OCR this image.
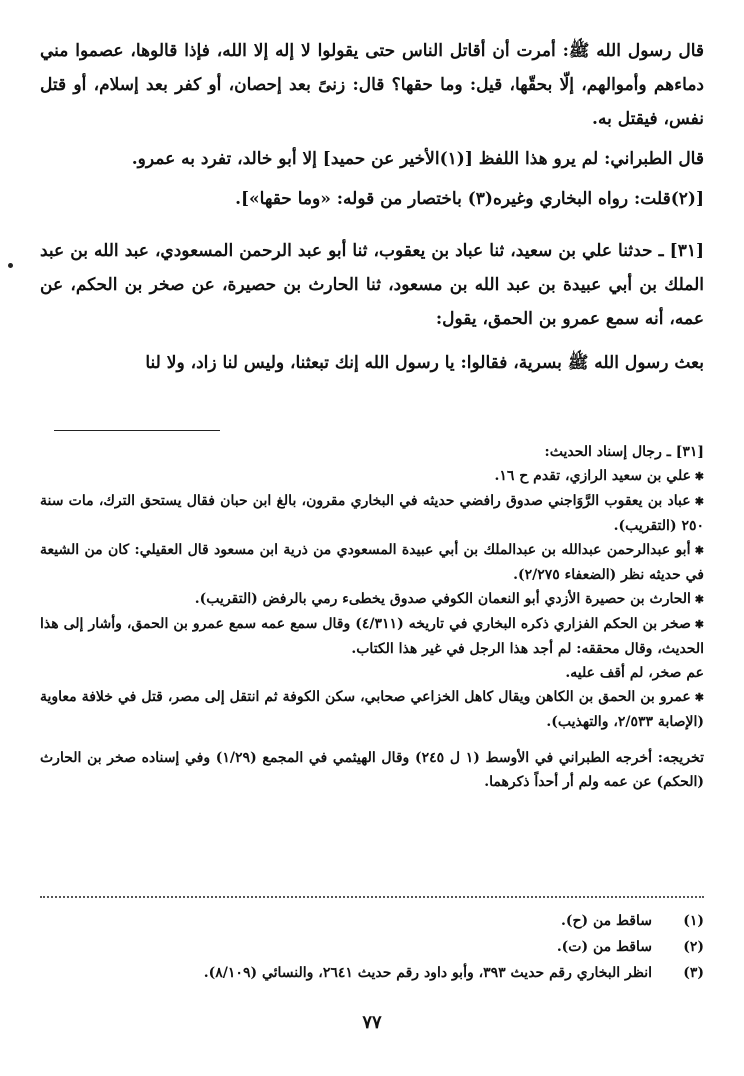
قال رسول الله ﷺ: أمرت أن أقاتل الناس حتى يقولوا لا إله إلا الله، فإذا قالوها، عصموا مني دماءهم وأموالهم، إلّا بحقّها، قيل: وما حقها؟ قال: زنىً بعد إحصان، أو كفر بعد إسلام، أو قتل نفس، فيقتل به.

قال الطبراني: لم يرو هذا اللفظ [(١)الأخير عن حميد] إلا أبو خالد، تفرد به عمرو.

[(٢)قلت: رواه البخاري وغيره(٣) باختصار من قوله: «وما حقها»].

[٣١] ـ حدثنا علي بن سعيد، ثنا عباد بن يعقوب، ثنا أبو عبد الرحمن المسعودي، عبد الله بن عبد الملك بن أبي عبيدة بن عبد الله بن مسعود، ثنا الحارث بن حصيرة، عن صخر بن الحكم، عن عمه، أنه سمع عمرو بن الحمق، يقول:

بعث رسول الله ﷺ بسرية، فقالوا: يا رسول الله إنك تبعثنا، وليس لنا زاد، ولا لنا

[٣١] ـ رجال إسناد الحديث:

✱ علي بن سعيد الرازي، تقدم ح ١٦.

✱ عباد بن يعقوب الرَّوَاجني صدوق رافضي حديثه في البخاري مقرون، بالغ ابن حبان فقال يستحق الترك، مات سنة ٢٥٠ (التقريب).

✱ أبو عبدالرحمن عبدالله بن عبدالملك بن أبي عبيدة المسعودي من ذرية ابن مسعود قال العقيلي: كان من الشيعة في حديثه نظر (الضعفاء ٢/٢٧٥).

✱ الحارث بن حصيرة الأزدي أبو النعمان الكوفي صدوق يخطىء رمي بالرفض (التقريب).

✱ صخر بن الحكم الفزاري ذكره البخاري في تاريخه (٤/٣١١) وقال سمع عمه سمع عمرو بن الحمق، وأشار إلى هذا الحديث، وقال محققه: لم أجد هذا الرجل في غير هذا الكتاب.

عم صخر، لم أقف عليه.

✱ عمرو بن الحمق بن الكاهن ويقال كاهل الخزاعي صحابي، سكن الكوفة ثم انتقل إلى مصر، قتل في خلافة معاوية (الإصابة ٢/٥٣٣، والتهذيب).

تخريجه: أخرجه الطبراني في الأوسط (١ ل ٢٤٥) وقال الهيثمي في المجمع (١/٢٩) وفي إسناده صخر بن الحارث (الحكم) عن عمه ولم أر أحداً ذكرهما.

(١)
ساقط من (ح).
(٢)
ساقط من (ت).
(٣)
انظر البخاري رقم حديث ٣٩٣، وأبو داود رقم حديث ٢٦٤١، والنسائي (٨/١٠٩).
٧٧
